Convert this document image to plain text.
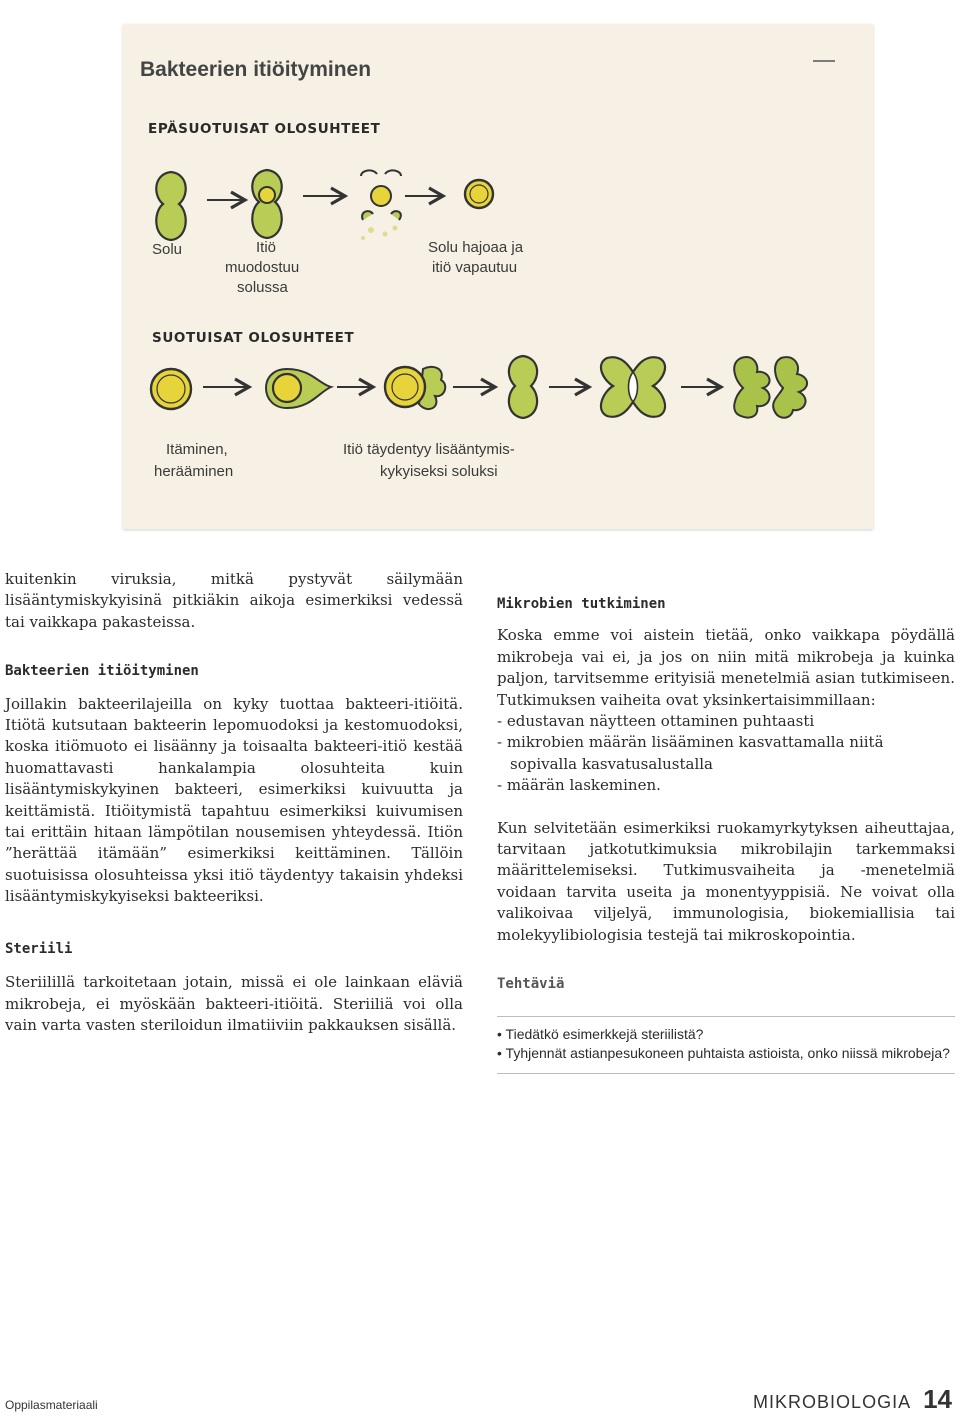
Bakteerien itiöityminen
EPÄSUOTUISAT OLOSUHTEET
Solu	Itiö
muodostuu
solussa
Solu hajoaa ja
itiö vapautuu
SUOTUISAT OLOSUHTEET
Itäminen,
herääminen
Itiö täydentyy lisääntymis-
kykyiseksi soluksi

kuitenkin viruksia, mitkä pystyvät säilymään lisääntymiskykyisinä pitkiäkin aikoja esimerkiksi vedessä tai vaikkapa pakasteissa.

Bakteerien itiöityminen

Joillakin bakteerilajeilla on kyky tuottaa bakteeri-itiöitä. Itiötä kutsutaan bakteerin lepomuodoksi ja kestomuodoksi, koska itiömuoto ei lisäänny ja toisaalta bakteeri-itiö kestää huomattavasti hankalampia olosuhteita kuin lisääntymiskykyinen bakteeri, esimerkiksi kuivuutta ja keittämistä. Itiöitymistä tapahtuu esimerkiksi kuivumisen tai erittäin hitaan lämpötilan nousemisen yhteydessä. Itiön ”herättää itämään” esimerkiksi keittäminen. Tällöin suotuisissa olosuhteissa yksi itiö täydentyy takaisin yhdeksi lisääntymiskykyiseksi bakteeriksi.

Steriili

Steriilillä tarkoitetaan jotain, missä ei ole lainkaan eläviä mikrobeja, ei myöskään bakteeri-itiöitä. Steriiliä voi olla vain varta vasten steriloidun ilmatiiviin pakkauksen sisällä.

Mikrobien tutkiminen

Koska emme voi aistein tietää, onko vaikkapa pöydällä mikrobeja vai ei, ja jos on niin mitä mikrobeja ja kuinka paljon, tarvitsemme erityisiä menetelmiä asian tutkimiseen. Tutkimuksen vaiheita ovat yksinkertaisimmillaan:

- edustavan näytteen ottaminen puhtaasti
- mikrobien määrän lisääminen kasvattamalla niitä sopivalla kasvatusalustalla
- määrän laskeminen.

Kun selvitetään esimerkiksi ruokamyrkytyksen aiheuttajaa, tarvitaan jatkotutkimuksia mikrobilajin tarkemmaksi määrittelemiseksi. Tutkimusvaiheita ja -menetelmiä voidaan tarvita useita ja monentyyppisiä. Ne voivat olla valikoivaa viljelyä, immunologisia, biokemiallisia tai molekyylibiologisia testejä tai mikroskopointia.

Tehtäviä
• Tiedätkö esimerkkejä steriilistä?
• Tyhjennät astianpesukoneen puhtaista astioista, onko niissä mikrobeja?
Oppilasmateriaali	MIKROBIOLOGIA 14
